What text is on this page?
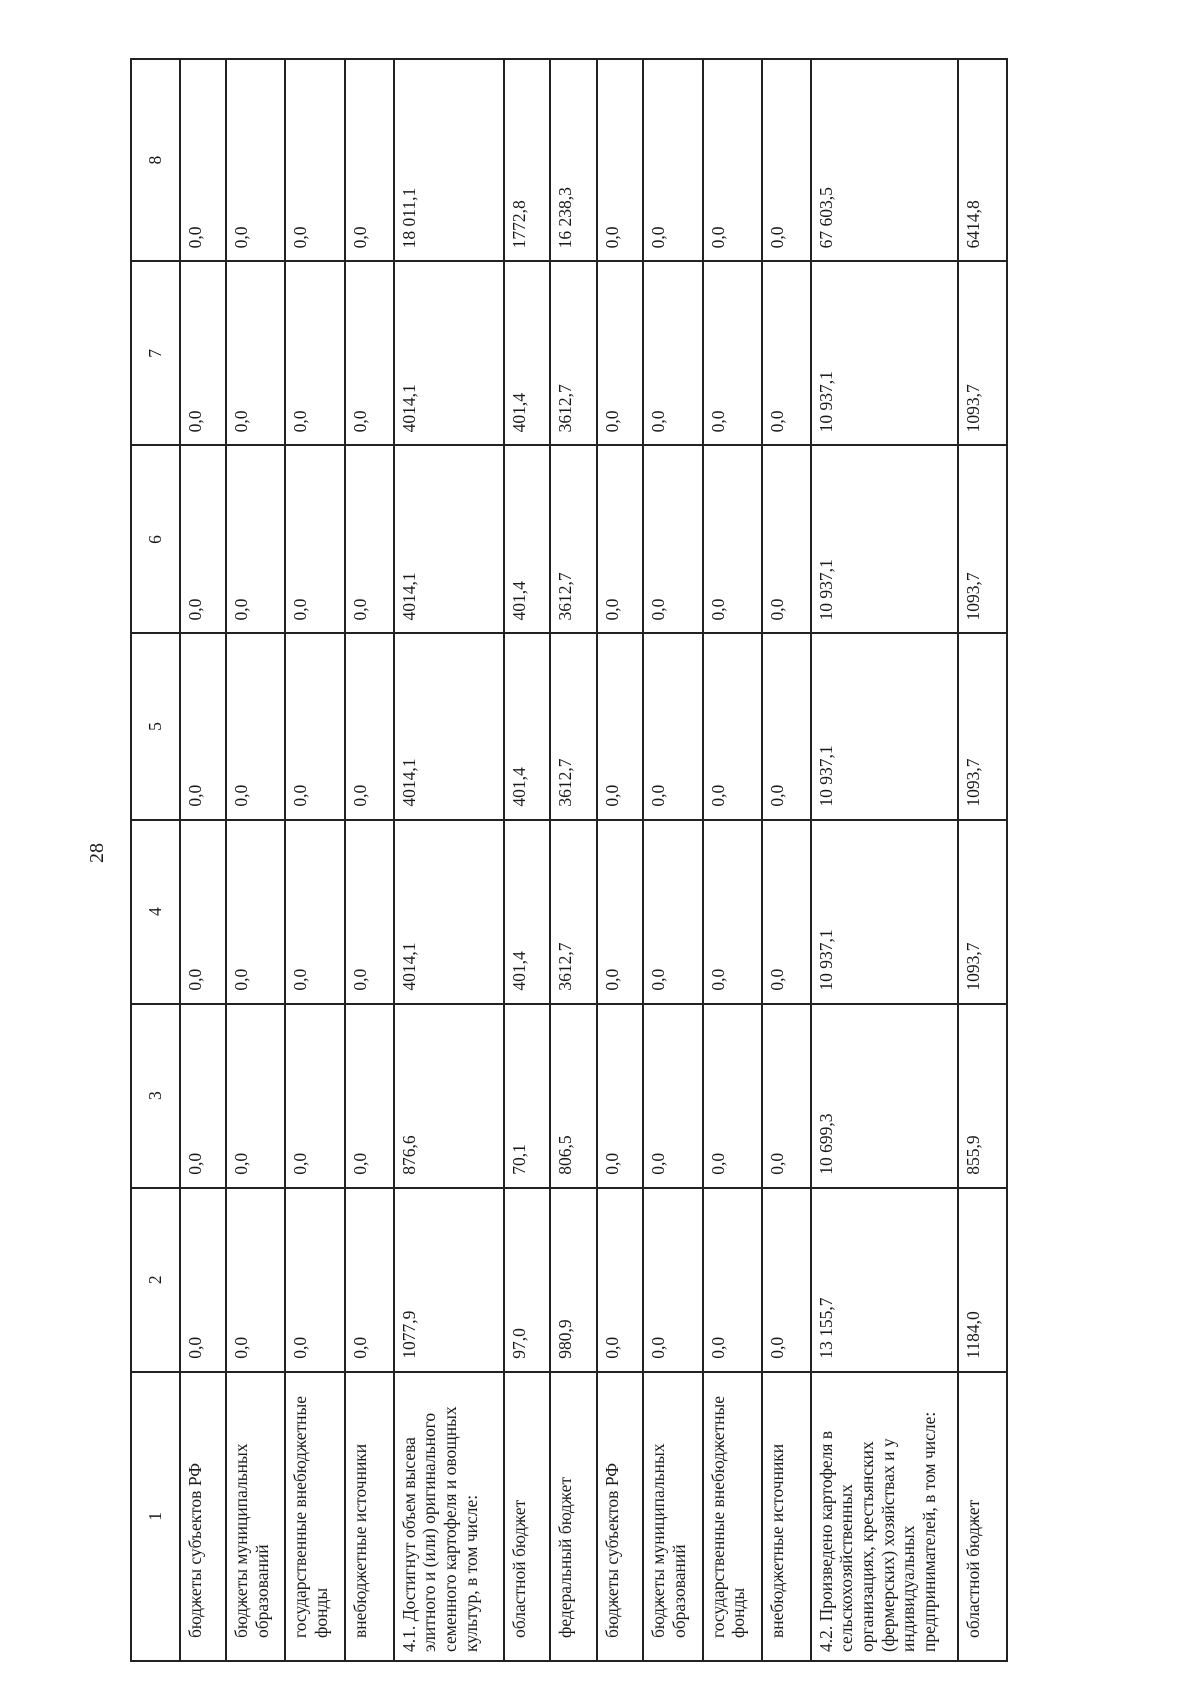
28
1	2	3	4	5	6	7	8
бюджеты субъектов РФ	0,0	0,0	0,0	0,0	0,0	0,0	0,0
бюджеты муниципальных образований	0,0	0,0	0,0	0,0	0,0	0,0	0,0
государственные внебюджетные фонды	0,0	0,0	0,0	0,0	0,0	0,0	0,0
внебюджетные источники	0,0	0,0	0,0	0,0	0,0	0,0	0,0
4.1. Достигнут объем высева элитного и (или) оригинального семенного картофеля и овощных культур, в том числе:	1077,9	876,6	4014,1	4014,1	4014,1	4014,1	18 011,1
областной бюджет	97,0	70,1	401,4	401,4	401,4	401,4	1772,8
федеральный бюджет	980,9	806,5	3612,7	3612,7	3612,7	3612,7	16 238,3
бюджеты субъектов РФ	0,0	0,0	0,0	0,0	0,0	0,0	0,0
бюджеты муниципальных образований	0,0	0,0	0,0	0,0	0,0	0,0	0,0
государственные внебюджетные фонды	0,0	0,0	0,0	0,0	0,0	0,0	0,0
внебюджетные источники	0,0	0,0	0,0	0,0	0,0	0,0	0,0
4.2. Произведено картофеля в сельскохозяйственных организациях, крестьянских (фермерских) хозяйствах и у индивидуальных предпринимателей, в том числе:	13 155,7	10 699,3	10 937,1	10 937,1	10 937,1	10 937,1	67 603,5
областной бюджет	1184,0	855,9	1093,7	1093,7	1093,7	1093,7	6414,8
